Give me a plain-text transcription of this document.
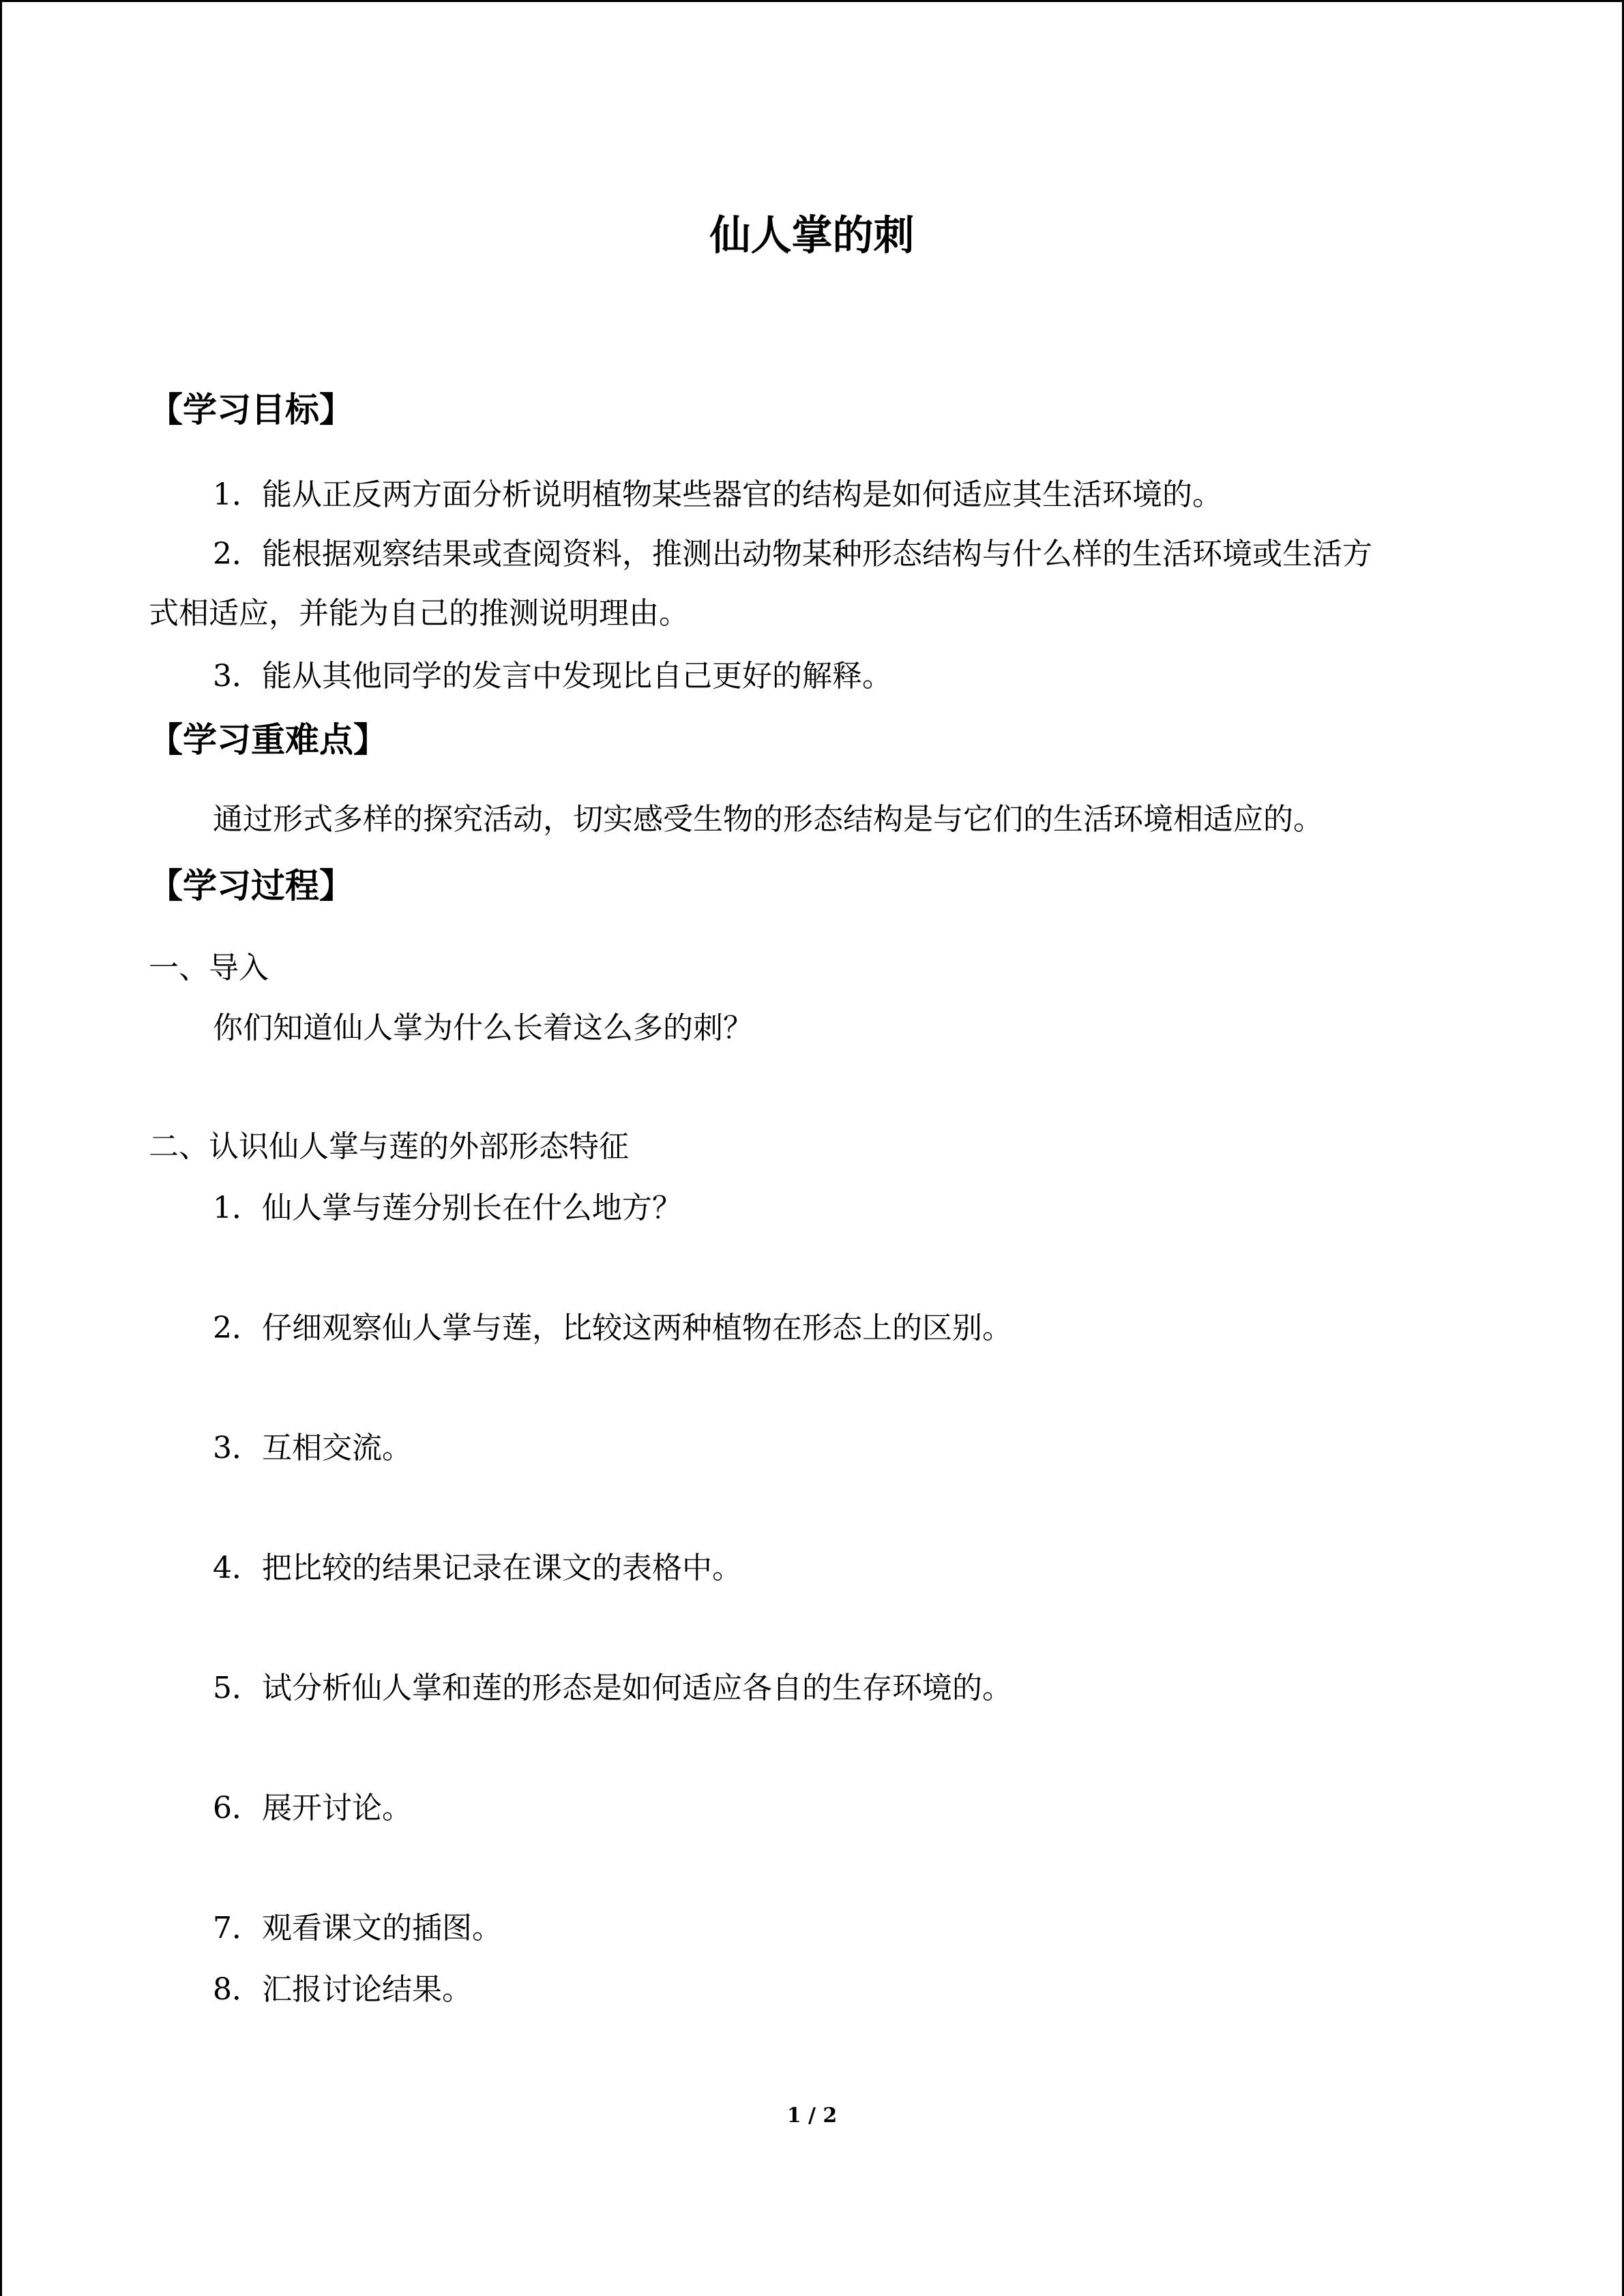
仙人掌的刺
【学习目标】
1．能从正反两方面分析说明植物某些器官的结构是如何适应其生活环境的。
2．能根据观察结果或查阅资料，推测出动物某种形态结构与什么样的生活环境或生活方
式相适应，并能为自己的推测说明理由。
3．能从其他同学的发言中发现比自己更好的解释。
【学习重难点】
通过形式多样的探究活动，切实感受生物的形态结构是与它们的生活环境相适应的。
【学习过程】
一、导入
你们知道仙人掌为什么长着这么多的刺？
二、认识仙人掌与莲的外部形态特征
1．仙人掌与莲分别长在什么地方？
2．仔细观察仙人掌与莲，比较这两种植物在形态上的区别。
3．互相交流。
4．把比较的结果记录在课文的表格中。
5．试分析仙人掌和莲的形态是如何适应各自的生存环境的。
6．展开讨论。
7．观看课文的插图。
8．汇报讨论结果。
1 / 2
